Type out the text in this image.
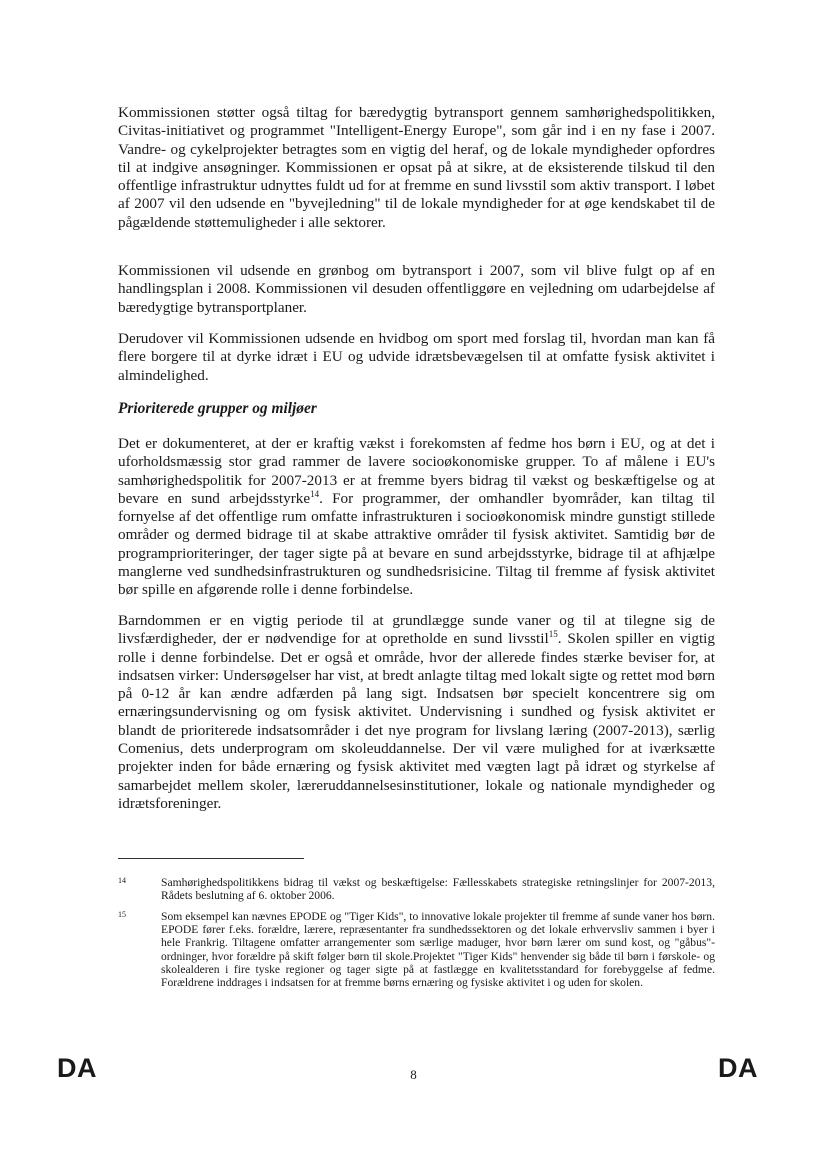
Kommissionen støtter også tiltag for bæredygtig bytransport gennem samhørighedspolitikken, Civitas-initiativet og programmet "Intelligent-Energy Europe", som går ind i en ny fase i 2007. Vandre- og cykelprojekter betragtes som en vigtig del heraf, og de lokale myndigheder opfordres til at indgive ansøgninger. Kommissionen er opsat på at sikre, at de eksisterende tilskud til den offentlige infrastruktur udnyttes fuldt ud for at fremme en sund livsstil som aktiv transport. I løbet af 2007 vil den udsende en "byvejledning" til de lokale myndigheder for at øge kendskabet til de pågældende støttemuligheder i alle sektorer.

Kommissionen vil udsende en grønbog om bytransport i 2007, som vil blive fulgt op af en handlingsplan i 2008. Kommissionen vil desuden offentliggøre en vejledning om udarbejdelse af bæredygtige bytransportplaner.

Derudover vil Kommissionen udsende en hvidbog om sport med forslag til, hvordan man kan få flere borgere til at dyrke idræt i EU og udvide idrætsbevægelsen til at omfatte fysisk aktivitet i almindelighed.

Prioriterede grupper og miljøer

Det er dokumenteret, at der er kraftig vækst i forekomsten af fedme hos børn i EU, og at det i uforholdsmæssig stor grad rammer de lavere socioøkonomiske grupper. To af målene i EU's samhørighedspolitik for 2007-2013 er at fremme byers bidrag til vækst og beskæftigelse og at bevare en sund arbejdsstyrke$^{14}$. For programmer, der omhandler byområder, kan tiltag til fornyelse af det offentlige rum omfatte infrastrukturen i socioøkonomisk mindre gunstigt stillede områder og dermed bidrage til at skabe attraktive områder til fysisk aktivitet. Samtidig bør de programprioriteringer, der tager sigte på at bevare en sund arbejdsstyrke, bidrage til at afhjælpe manglerne ved sundhedsinfrastrukturen og sundhedsrisicine. Tiltag til fremme af fysisk aktivitet bør spille en afgørende rolle i denne forbindelse.

Barndommen er en vigtig periode til at grundlægge sunde vaner og til at tilegne sig de livsfærdigheder, der er nødvendige for at opretholde en sund livsstil$^{15}$. Skolen spiller en vigtig rolle i denne forbindelse. Det er også et område, hvor der allerede findes stærke beviser for, at indsatsen virker: Undersøgelser har vist, at bredt anlagte tiltag med lokalt sigte og rettet mod børn på 0-12 år kan ændre adfærden på lang sigt. Indsatsen bør specielt koncentrere sig om ernæringsundervisning og om fysisk aktivitet. Undervisning i sundhed og fysisk aktivitet er blandt de prioriterede indsatsområder i det nye program for livslang læring (2007-2013), særlig Comenius, dets underprogram om skoleuddannelse. Der vil være mulighed for at iværksætte projekter inden for både ernæring og fysisk aktivitet med vægten lagt på idræt og styrkelse af samarbejdet mellem skoler, læreruddannelsesinstitutioner, lokale og nationale myndigheder og idrætsforeninger.

14	Samhørighedspolitikkens bidrag til vækst og beskæftigelse: Fællesskabets strategiske retningslinjer for 2007-2013, Rådets beslutning af 6. oktober 2006.
15	Som eksempel kan nævnes EPODE og "Tiger Kids", to innovative lokale projekter til fremme af sunde vaner hos børn. EPODE fører f.eks. forældre, lærere, repræsentanter fra sundhedssektoren og det lokale erhvervsliv sammen i byer i hele Frankrig. Tiltagene omfatter arrangementer som særlige maduger, hvor børn lærer om sund kost, og "gåbus"-ordninger, hvor forældre på skift følger børn til skole.Projektet "Tiger Kids" henvender sig både til børn i førskole- og skolealderen i fire tyske regioner og tager sigte på at fastlægge en kvalitetsstandard for forebyggelse af fedme. Forældrene inddrages i indsatsen for at fremme børns ernæring og fysiske aktivitet i og uden for skolen.
DA	8	DA
